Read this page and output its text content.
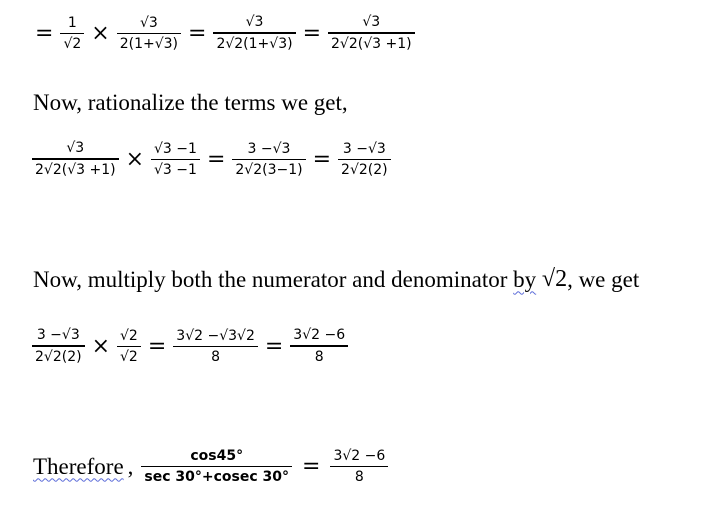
= $\frac{1}{√2} \times \frac{√3}{2(1+√3)} = \frac{√3}{2√2(1+√3)} = \frac{√3}{2√2(√3 +1)}$
Now, rationalize the terms we get,
$\frac{√3}{2√2(√3 +1)} \times \frac{√3 -1}{√3 -1} = \frac{3 -√3}{2√2(3-1)} = \frac{3 -√3}{2√2(2)}$
Now, multiply both the numerator and denominator by
√2 , we get
$\frac{3 -√3}{2√2(2)} \times \frac{√2}{√2} = \frac{3√2 -√3√2}{8} = \frac{3√2 -6}{8}$
Therefore , $\frac{\cos 45^\circ}{\sec 30^\circ+cosec 30^\circ} = \frac{3√2 -6}{8}$
